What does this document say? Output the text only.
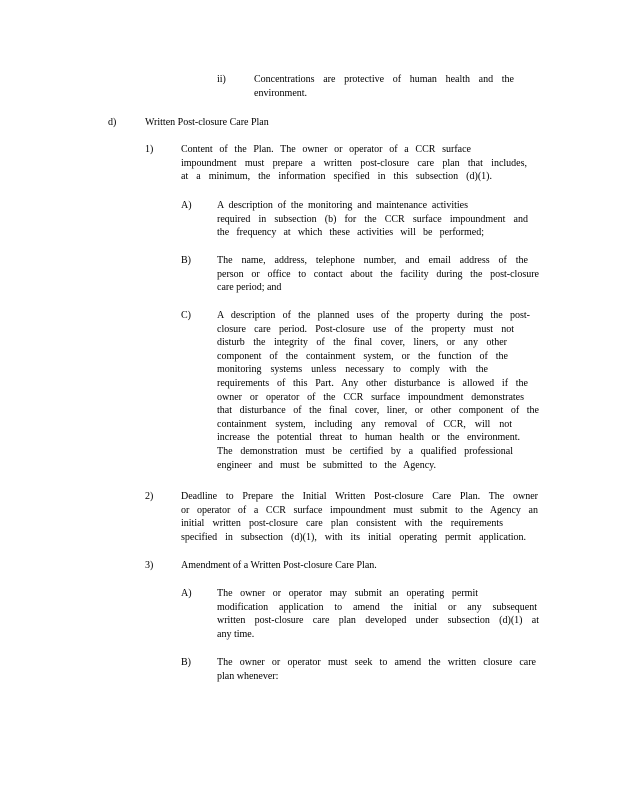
ii)	Concentrations are protective of human health and the
environment.
d)	Written Post-closure Care Plan
1)	Content of the Plan. The owner or operator of a CCR surface
impoundment must prepare a written post-closure care plan that includes,
at a minimum, the information specified in this subsection (d)(1).
A)	A description of the monitoring and maintenance activities
required in subsection (b) for the CCR surface impoundment and
the frequency at which these activities will be performed;
B)	The name, address, telephone number, and email address of the
person or office to contact about the facility during the post-closure
care period; and
C)	A description of the planned uses of the property during the post-
closure care period. Post-closure use of the property must not
disturb the integrity of the final cover, liners, or any other
component of the containment system, or the function of the
monitoring systems unless necessary to comply with the
requirements of this Part. Any other disturbance is allowed if the
owner or operator of the CCR surface impoundment demonstrates
that disturbance of the final cover, liner, or other component of the
containment system, including any removal of CCR, will not
increase the potential threat to human health or the environment.
The demonstration must be certified by a qualified professional
engineer and must be submitted to the Agency.
2)	Deadline to Prepare the Initial Written Post-closure Care Plan. The owner
or operator of a CCR surface impoundment must submit to the Agency an
initial written post-closure care plan consistent with the requirements
specified in subsection (d)(1), with its initial operating permit application.
3)	Amendment of a Written Post-closure Care Plan.
A)	The owner or operator may submit an operating permit
modification application to amend the initial or any subsequent
written post-closure care plan developed under subsection (d)(1) at
any time.
B)	The owner or operator must seek to amend the written closure care
plan whenever:
